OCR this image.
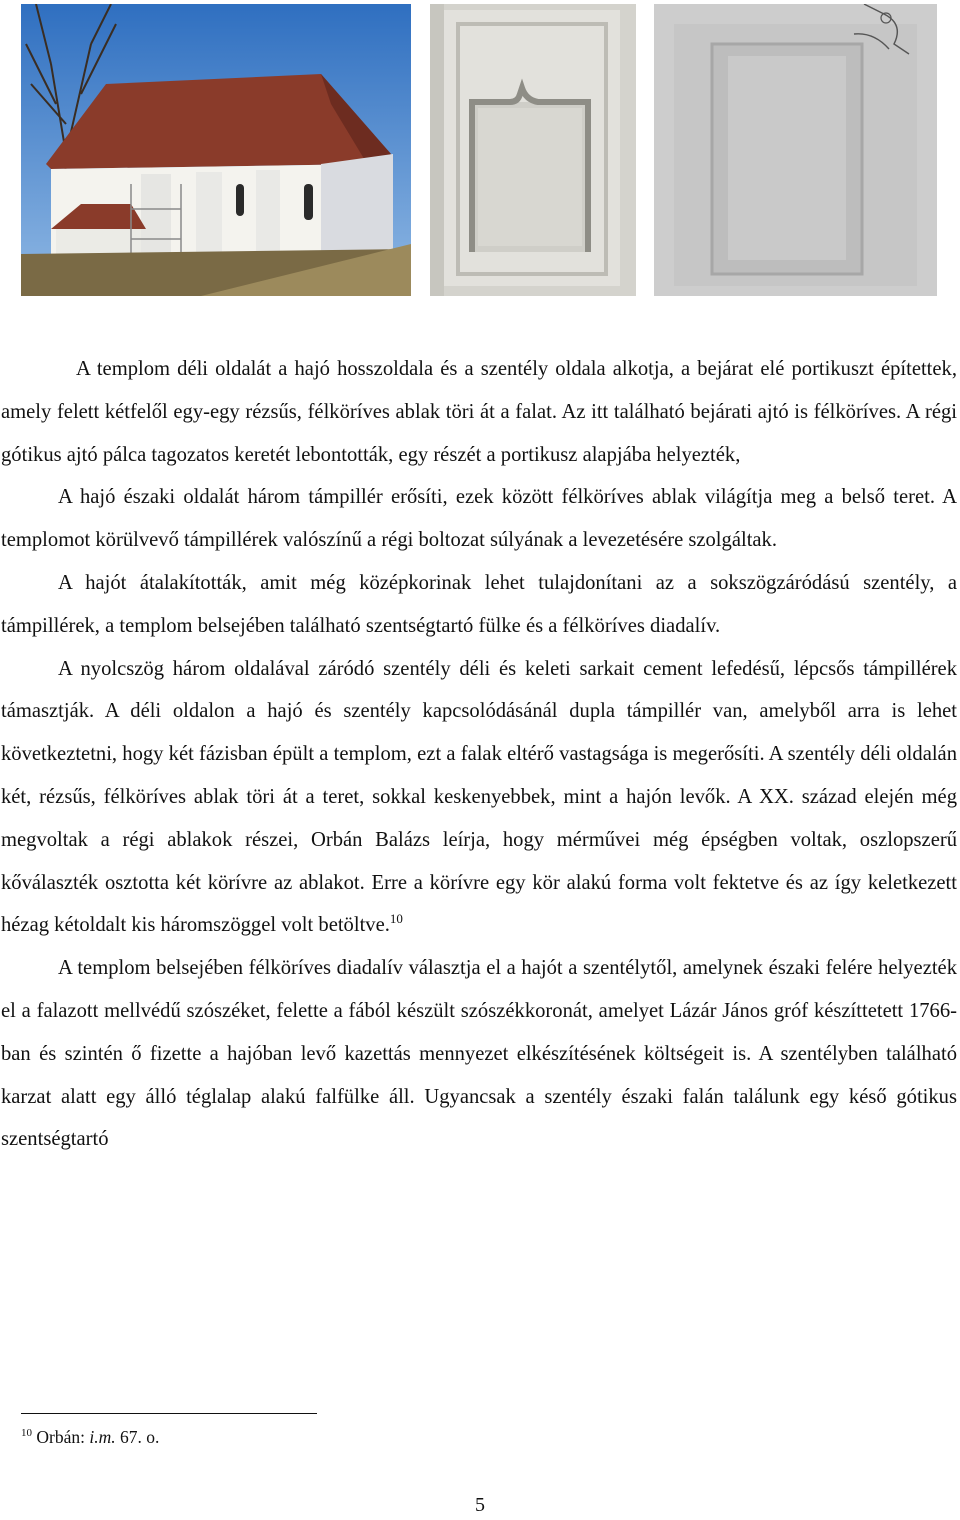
A templom déli oldalát a hajó hosszoldala és a szentély oldala alkotja, a bejárat elé portikuszt építettek, amely felett kétfelől egy-egy rézsűs, félköríves ablak töri át a falat. Az itt található bejárati ajtó is félköríves. A régi gótikus ajtó pálca tagozatos keretét lebontották, egy részét a portikusz alapjába helyezték,

A hajó északi oldalát három támpillér erősíti, ezek között félköríves ablak világítja meg a belső teret. A templomot körülvevő támpillérek valószínű a régi boltozat súlyának a levezetésére szolgáltak.

A hajót átalakították, amit még középkorinak lehet tulajdonítani az a sokszögzáródású szentély, a támpillérek, a templom belsejében található szentségtartó fülke és a félköríves diadalív.

A nyolcszög három oldalával záródó szentély déli és keleti sarkait cement lefedésű, lépcsős támpillérek támasztják. A déli oldalon a hajó és szentély kapcsolódásánál dupla támpillér van, amelyből arra is lehet következtetni, hogy két fázisban épült a templom, ezt a falak eltérő vastagsága is megerősíti. A szentély déli oldalán két, rézsűs, félköríves ablak töri át a teret, sokkal keskenyebbek, mint a hajón levők. A XX. század elején még megvoltak a régi ablakok részei, Orbán Balázs leírja, hogy mérművei még épségben voltak, oszlopszerű kőválaszték osztotta két körívre az ablakot. Erre a körívre egy kör alakú forma volt fektetve és az így keletkezett hézag kétoldalt kis háromszöggel volt betöltve.$^{10}$

A templom belsejében félköríves diadalív választja el a hajót a szentélytől, amelynek északi felére helyezték el a falazott mellvédű szószéket, felette a fából készült szószékkoronát, amelyet Lázár János gróf készíttetett 1766-ban és szintén ő fizette a hajóban levő kazettás mennyezet elkészítésének költségeit is. A szentélyben található karzat alatt egy álló téglalap alakú falfülke áll. Ugyancsak a szentély északi falán találunk egy késő gótikus szentségtartó

$^{10}$ Orbán: i.m. 67. o.
5
